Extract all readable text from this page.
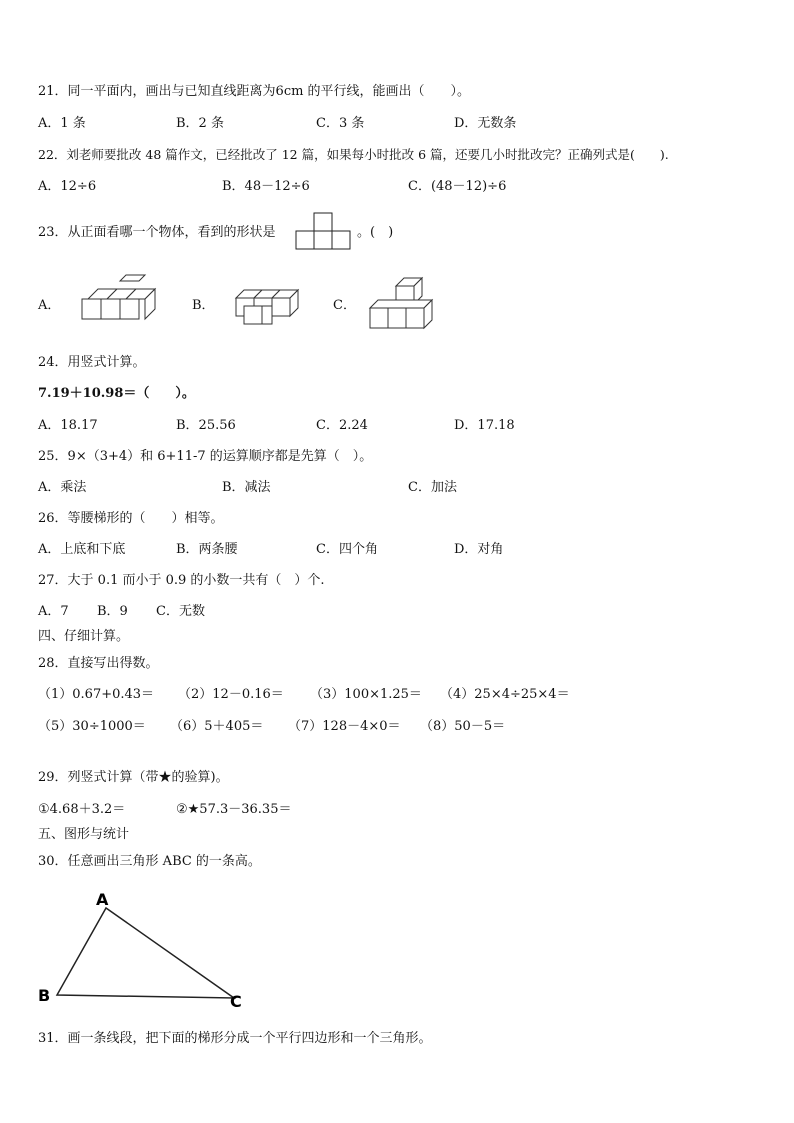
21．同一平面内，画出与已知直线距离为6cm 的平行线，能画出（　　）。
A．1 条	B．2 条	C．3 条	D．无数条
22．刘老师要批改 48 篇作文，已经批改了 12 篇，如果每小时批改 6 篇，还要几小时批改完？正确列式是(　　).
A．12÷6	B．48－12÷6	C．(48－12)÷6
23．从正面看哪一个物体，看到的形状是	。(　)
A．	B．	C．
24．用竖式计算。
7.19＋10.98＝（　　）。
A．18.17	B．25.56	C．2.24	D．17.18
25．9×（3+4）和 6+11-7 的运算顺序都是先算（　）。
A．乘法	B．减法	C．加法
26．等腰梯形的（　　）相等。
A．上底和下底	B．两条腰	C．四个角	D．对角
27．大于 0.1 而小于 0.9 的小数一共有（　）个.
A．7 B．9 C．无数
四、仔细计算。
28．直接写出得数。
（1）0.67+0.43＝ （2）12－0.16＝ （3）100×1.25＝ （4）25×4÷25×4＝
（5）30÷1000＝ （6）5＋405＝ （7）128－4×0＝ （8）50－5＝
29．列竖式计算（带★的验算)。
①4.68＋3.2＝	②★57.3－36.35＝
五、图形与统计
30．任意画出三角形 ABC 的一条高。
A
B	C
31．画一条线段，把下面的梯形分成一个平行四边形和一个三角形。
